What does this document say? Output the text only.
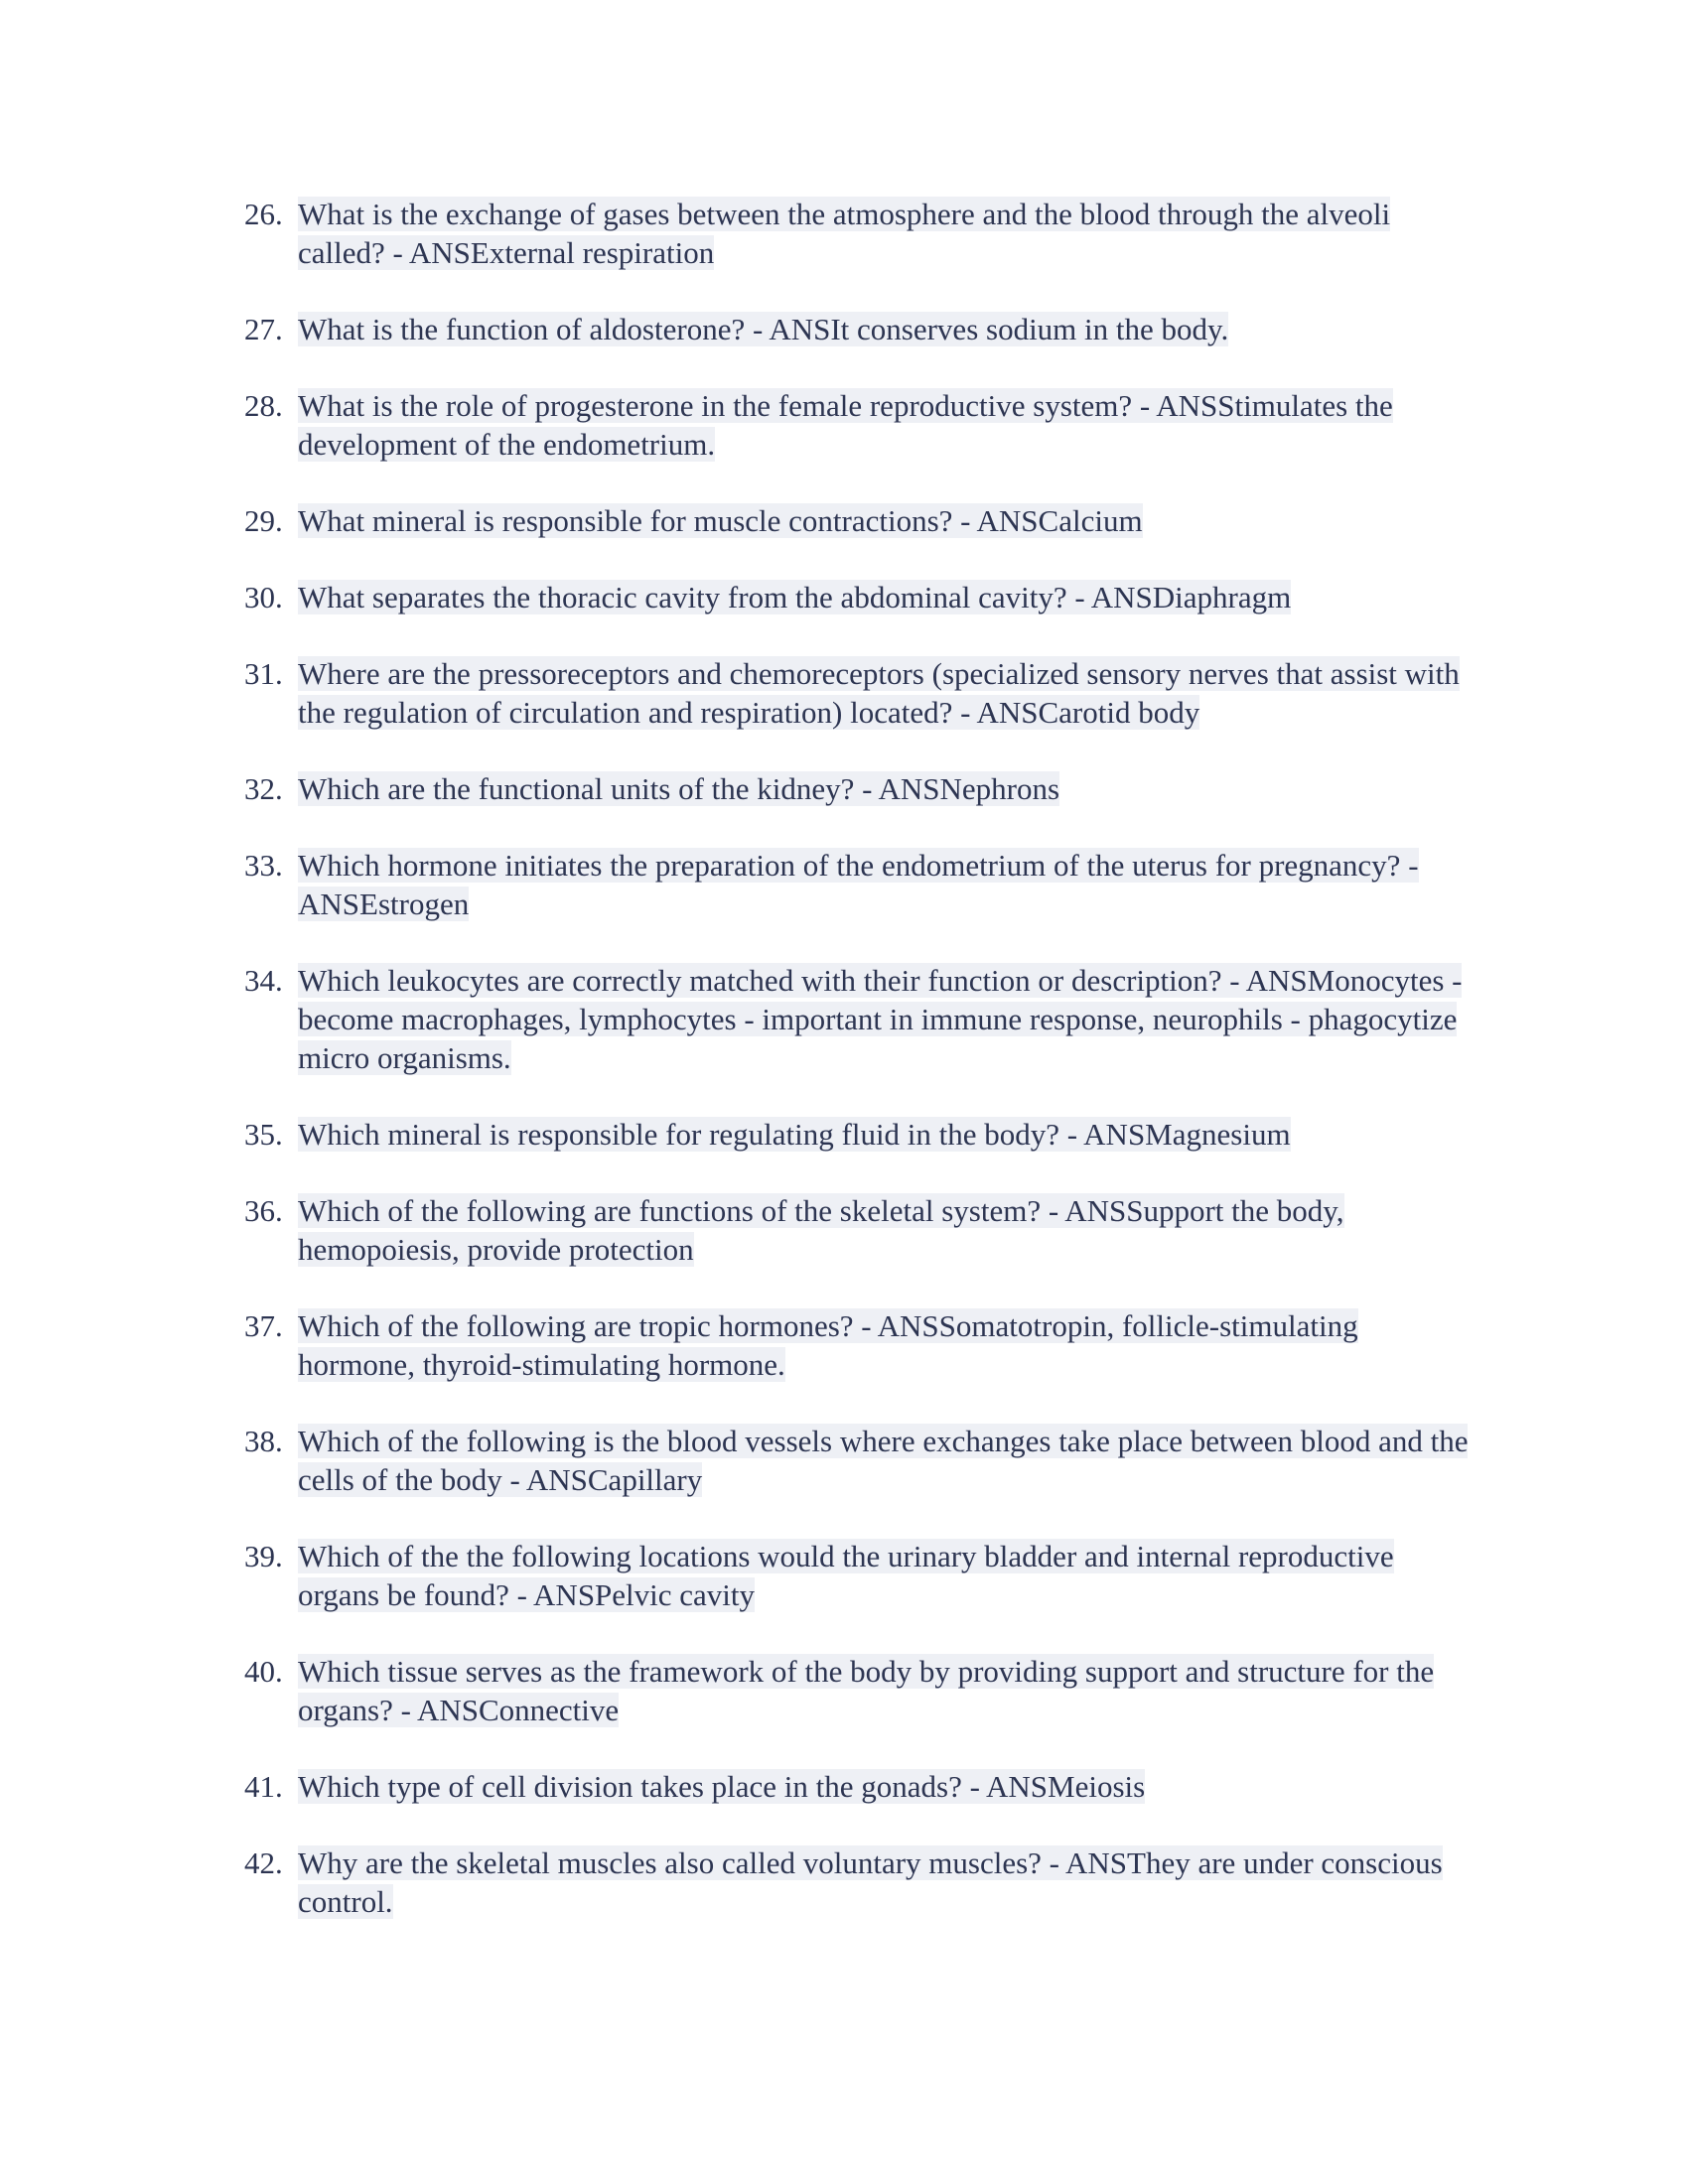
26. What is the exchange of gases between the atmosphere and the blood through the alveoli called? - ANSExternal respiration
27. What is the function of aldosterone? - ANSIt conserves sodium in the body.
28. What is the role of progesterone in the female reproductive system? - ANSStimulates the development of the endometrium.
29. What mineral is responsible for muscle contractions? - ANSCalcium
30. What separates the thoracic cavity from the abdominal cavity? - ANSDiaphragm
31. Where are the pressoreceptors and chemoreceptors (specialized sensory nerves that assist with the regulation of circulation and respiration) located? - ANSCarotid body
32. Which are the functional units of the kidney? - ANSNephrons
33. Which hormone initiates the preparation of the endometrium of the uterus for pregnancy? - ANSEstrogen
34. Which leukocytes are correctly matched with their function or description? - ANSMonocytes - become macrophages, lymphocytes - important in immune response, neurophils - phagocytize micro organisms.
35. Which mineral is responsible for regulating fluid in the body? - ANSMagnesium
36. Which of the following are functions of the skeletal system? - ANSSupport the body, hemopoiesis, provide protection
37. Which of the following are tropic hormones? - ANSSomatotropin, follicle-stimulating hormone, thyroid-stimulating hormone.
38. Which of the following is the blood vessels where exchanges take place between blood and the cells of the body - ANSCapillary
39. Which of the the following locations would the urinary bladder and internal reproductive organs be found? - ANSPelvic cavity
40. Which tissue serves as the framework of the body by providing support and structure for the organs? - ANSConnective
41. Which type of cell division takes place in the gonads? - ANSMeiosis
42. Why are the skeletal muscles also called voluntary muscles? - ANSThey are under conscious control.
